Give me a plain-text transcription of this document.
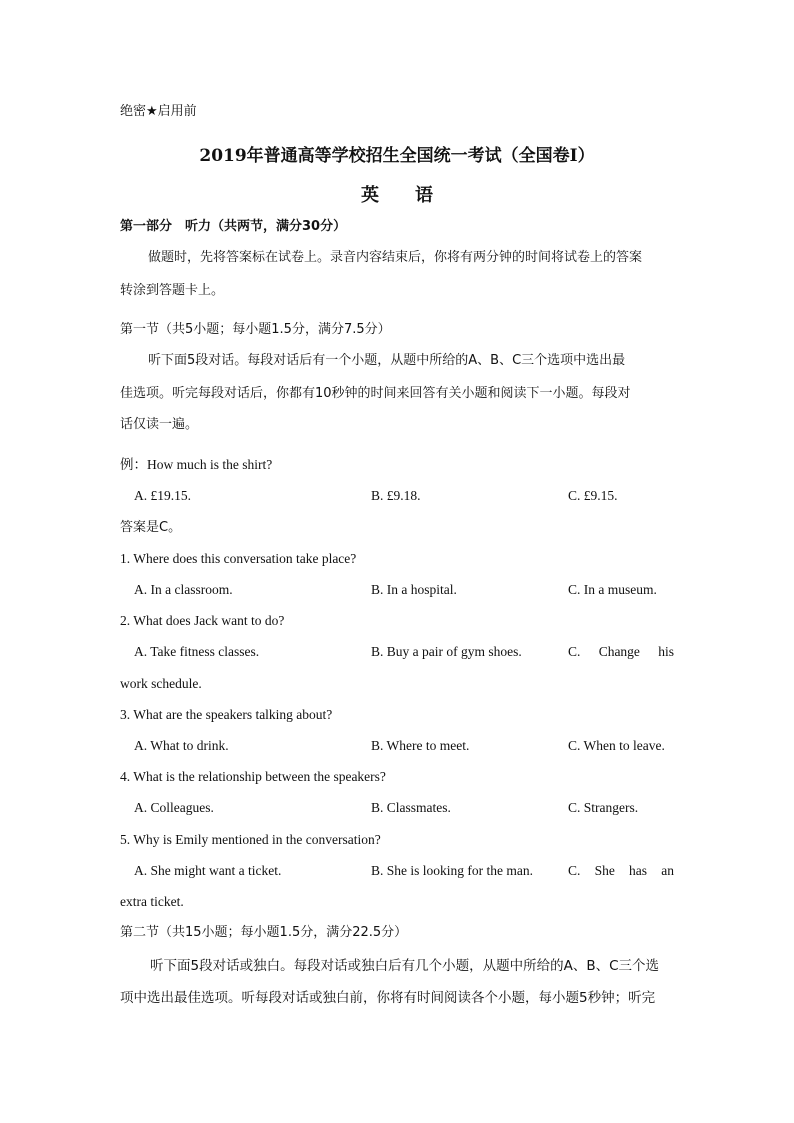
绝密★启用前
2019年普通高等学校招生全国统一考试（全国卷I）
英　　语
第一部分　听力（共两节，满分30分）
做题时，先将答案标在试卷上。录音内容结束后，你将有两分钟的时间将试卷上的答案
转涂到答题卡上。
第一节（共5小题；每小题1.5分，满分7.5分）
听下面5段对话。每段对话后有一个小题，从题中所给的A、B、C三个选项中选出最
佳选项。听完每段对话后，你都有10秒钟的时间来回答有关小题和阅读下一小题。每段对
话仅读一遍。
例：How much is the shirt?
A. £19.15.	B. £9.18.	C. £9.15.
答案是C。
1. Where does this conversation take place?
A. In a classroom.	B. In a hospital.	C. In a museum.
2. What does Jack want to do?
A. Take fitness classes.	B. Buy a pair of gym shoes.	C. Change his
work schedule.
3. What are the speakers talking about?
A. What to drink.	B. Where to meet.	C. When to leave.
4. What is the relationship between the speakers?
A. Colleagues.	B. Classmates.	C. Strangers.
5. Why is Emily mentioned in the conversation?
A. She might want a ticket.	B. She is looking for the man.	C. She has an
extra ticket.
第二节（共15小题；每小题1.5分，满分22.5分）
听下面5段对话或独白。每段对话或独白后有几个小题，从题中所给的A、B、C三个选
项中选出最佳选项。听每段对话或独白前，你将有时间阅读各个小题，每小题5秒钟；听完
